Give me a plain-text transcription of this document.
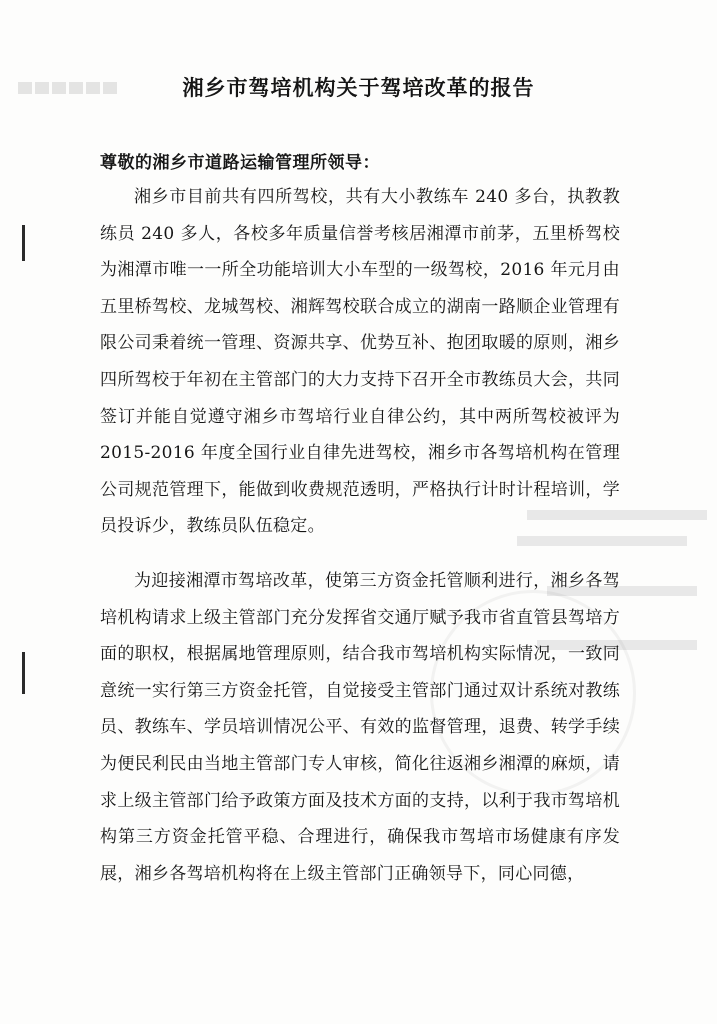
湘乡市驾培机构关于驾培改革的报告
尊敬的湘乡市道路运输管理所领导：

湘乡市目前共有四所驾校，共有大小教练车 240 多台，执教教练员 240 多人，各校多年质量信誉考核居湘潭市前茅，五里桥驾校为湘潭市唯一一所全功能培训大小车型的一级驾校，2016 年元月由五里桥驾校、龙城驾校、湘辉驾校联合成立的湖南一路顺企业管理有限公司秉着统一管理、资源共享、优势互补、抱团取暖的原则，湘乡四所驾校于年初在主管部门的大力支持下召开全市教练员大会，共同签订并能自觉遵守湘乡市驾培行业自律公约，其中两所驾校被评为 2015-2016 年度全国行业自律先进驾校，湘乡市各驾培机构在管理公司规范管理下，能做到收费规范透明，严格执行计时计程培训，学员投诉少，教练员队伍稳定。

为迎接湘潭市驾培改革，使第三方资金托管顺利进行，湘乡各驾培机构请求上级主管部门充分发挥省交通厅赋予我市省直管县驾培方面的职权，根据属地管理原则，结合我市驾培机构实际情况，一致同意统一实行第三方资金托管，自觉接受主管部门通过双计系统对教练员、教练车、学员培训情况公平、有效的监督管理，退费、转学手续为便民利民由当地主管部门专人审核，简化往返湘乡湘潭的麻烦，请求上级主管部门给予政策方面及技术方面的支持，以利于我市驾培机构第三方资金托管平稳、合理进行，确保我市驾培市场健康有序发展，湘乡各驾培机构将在上级主管部门正确领导下，同心同德，
